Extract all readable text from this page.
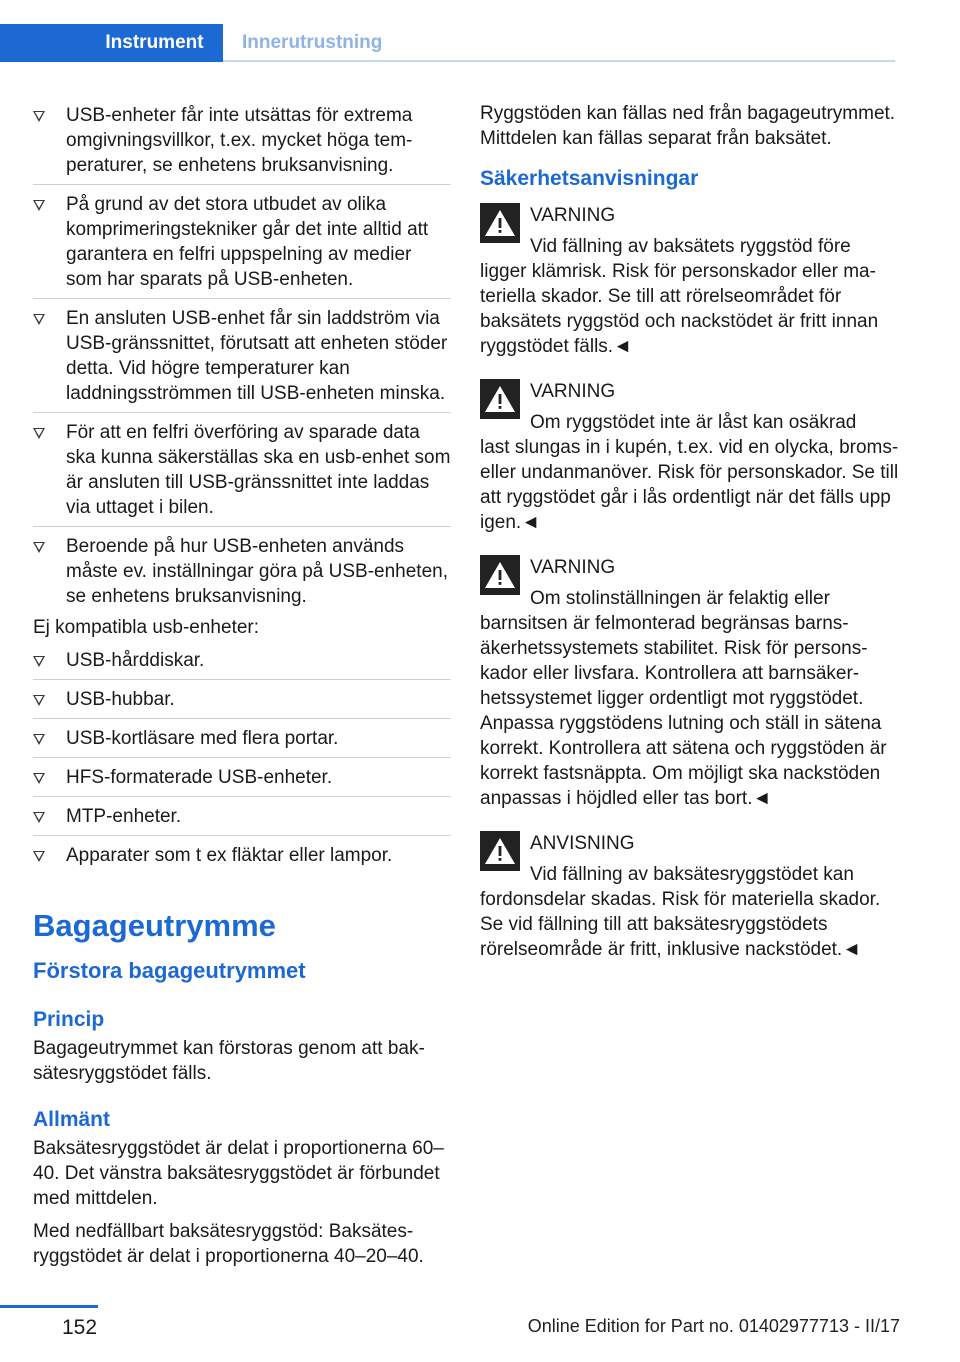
Instrument	Innerutrustning
USB-enheter får inte utsättas för extrema omgivningsvillkor, t.ex. mycket höga temperaturer, se enhetens bruksanvisning.
På grund av det stora utbudet av olika komprimeringstekniker går det inte alltid att garantera en felfri uppspelning av medier som har sparats på USB-enheten.
En ansluten USB-enhet får sin laddström via USB-gränssnittet, förutsatt att enheten stöder detta. Vid högre temperaturer kan laddningsströmmen till USB-enheten minska.
För att en felfri överföring av sparade data ska kunna säkerställas ska en usb-enhet som är ansluten till USB-gränssnittet inte laddas via uttaget i bilen.
Beroende på hur USB-enheten används måste ev. inställningar göra på USB-enheten, se enhetens bruksanvisning.

Ej kompatibla usb-enheter:

USB-hårddiskar.
USB-hubbar.
USB-kortläsare med flera portar.
HFS-formaterade USB-enheter.
MTP-enheter.
Apparater som t ex fläktar eller lampor.
Bagageutrymme
Förstora bagageutrymmet
Princip

Bagageutrymmet kan förstoras genom att baksätesryggstödet fälls.

Allmänt

Baksätesryggstödet är delat i proportionerna 60–40. Det vänstra baksätesryggstödet är förbundet med mittdelen.

Med nedfällbart baksätesryggstöd: Baksätesryggstödet är delat i proportionerna 40–20–40.

Ryggstöden kan fällas ned från bagageutrymmet. Mittdelen kan fällas separat från baksätet.

Säkerhetsanvisningar
VARNING
Vid fällning av baksätets ryggstöd före
ligger klämrisk. Risk för personskador eller materiella skador. Se till att rörelseområdet för baksätets ryggstöd och nackstödet är fritt innan ryggstödet fälls.◄
VARNING
Om ryggstödet inte är låst kan osäkrad
last slungas in i kupén, t.ex. vid en olycka, broms- eller undanmanöver. Risk för personskador. Se till att ryggstödet går i lås ordentligt när det fälls upp igen.◄
VARNING
Om stolinställningen är felaktig eller
barnsitsen är felmonterad begränsas barnsäkerhetssystemets stabilitet. Risk för personskador eller livsfara. Kontrollera att barnsäkerhetssystemet ligger ordentligt mot ryggstödet. Anpassa ryggstödens lutning och ställ in sätena korrekt. Kontrollera att sätena och ryggstöden är korrekt fastsnäppta. Om möjligt ska nackstöden anpassas i höjdled eller tas bort.◄
ANVISNING
Vid fällning av baksätesryggstödet kan
fordonsdelar skadas. Risk för materiella skador. Se vid fällning till att baksätesryggstödets rörelseområde är fritt, inklusive nackstödet.◄
152	Online Edition for Part no. 01402977713 - II/17
